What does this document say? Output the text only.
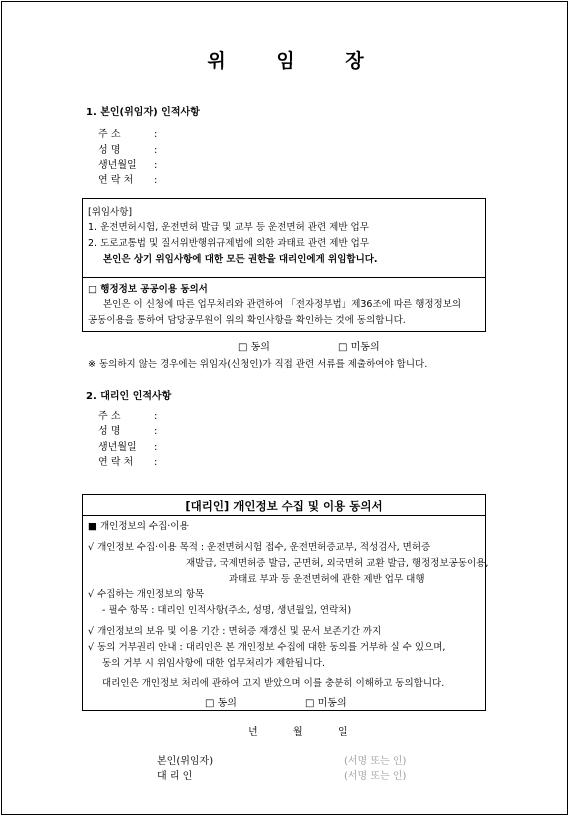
위 임 장
1. 본인(위임자) 인적사항
주 소	:
성 명	:
생년월일 :
연 락 처 :
[위임사항]
1. 운전면허시험, 운전면허 발급 및 교부 등 운전면허 관련 제반 업무
2. 도로교통법 및 질서위반행위규제법에 의한 과태료 관련 제반 업무
본인은 상기 위임사항에 대한 모든 권한을 대리인에게 위임합니다.
□ 행정정보 공공이용 동의서
본인은 이 신청에 따른 업무처리와 관련하여 「전자정부법」제36조에 따른 행정정보의
공동이용을 통하여 담당공무원이 위의 확인사항을 확인하는 것에 동의합니다.
□ 동의	□ 미동의
※ 동의하지 않는 경우에는 위임자(신청인)가 직접 관련 서류를 제출하여야 합니다.
2. 대리인 인적사항
주 소	:
성 명	:
생년월일 :
연 락 처 :
[대리인] 개인정보 수집 및 이용 동의서
■ 개인정보의 수집·이용
√ 개인정보 수집·이용 목적 : 운전면허시험 접수, 운전면허증교부, 적성검사, 면허증
재발급, 국제면허증 발급, 군면허, 외국면허 교환 발급, 행정정보공동이용,
과태료 부과 등 운전면허에 관한 제반 업무 대행
√ 수집하는 개인정보의 항목
- 필수 항목 : 대리인 인적사항(주소, 성명, 생년월일, 연락처)
√ 개인정보의 보유 및 이용 기간 : 면허증 재갱신 및 문서 보존기간 까지
√ 동의 거부권리 안내 : 대리인은 본 개인정보 수집에 대한 동의를 거부하 실 수 있으며,
동의 거부 시 위임사항에 대한 업무처리가 제한됩니다.
대리인은 개인정보 처리에 관하여 고지 받았으며 이를 충분히 이해하고 동의합니다.
□ 동의	□ 미동의
년	월	일
본인(위임자)	(서명 또는 인)
대 리 인	(서명 또는 인)
